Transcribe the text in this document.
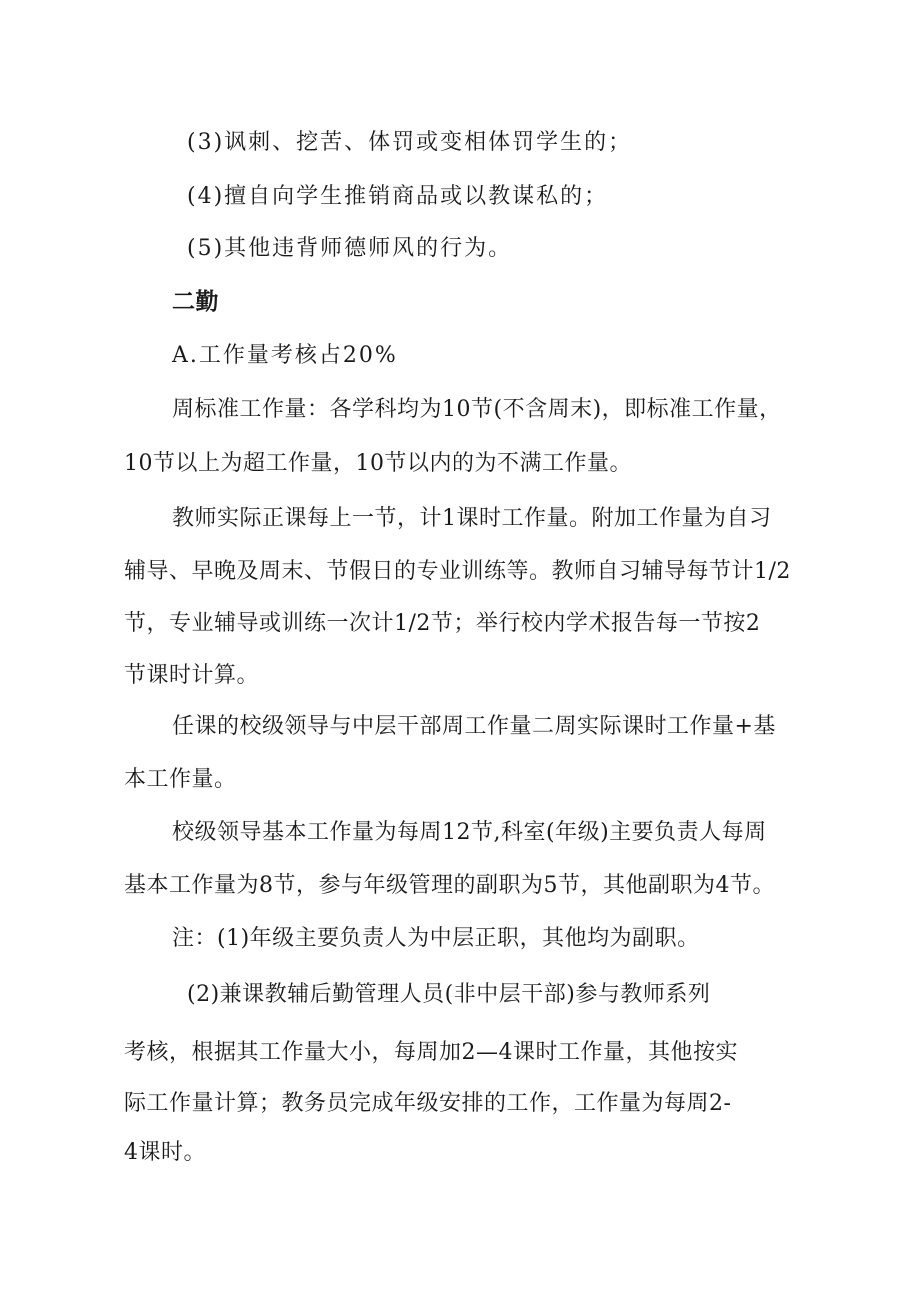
(3)讽刺、挖苦、体罚或变相体罚学生的；
(4)擅自向学生推销商品或以教谋私的；
(5)其他违背师德师风的行为。
二勤
A.工作量考核占20%
周标准工作量：各学科均为10节(不含周末)，即标准工作量，
10节以上为超工作量，10节以内的为不满工作量。
教师实际正课每上一节，计1课时工作量。附加工作量为自习
辅导、早晚及周末、节假日的专业训练等。教师自习辅导每节计1/2
节，专业辅导或训练一次计1/2节；举行校内学术报告每一节按2
节课时计算。
任课的校级领导与中层干部周工作量二周实际课时工作量+基
本工作量。
校级领导基本工作量为每周12节,科室(年级)主要负责人每周
基本工作量为8节，参与年级管理的副职为5节，其他副职为4节。
注：(1)年级主要负责人为中层正职，其他均为副职。
(2)兼课教辅后勤管理人员(非中层干部)参与教师系列
考核，根据其工作量大小，每周加2—4课时工作量，其他按实
际工作量计算；教务员完成年级安排的工作，工作量为每周2-
4课时。
